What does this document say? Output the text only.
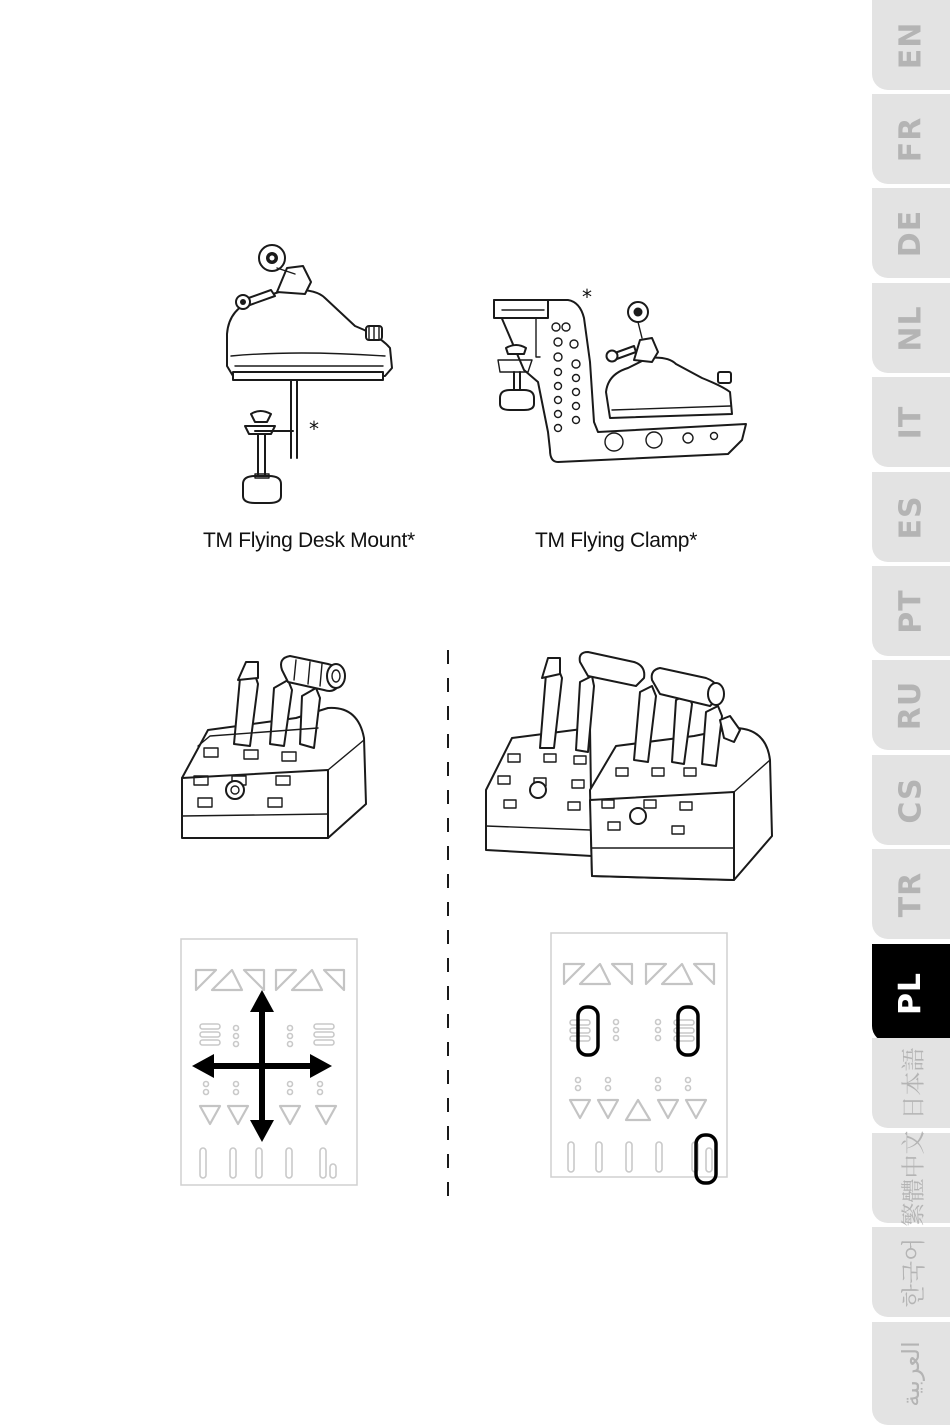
*
*
TM Flying Desk Mount*	TM Flying Clamp*
EN
FR
DE
NL
IT
ES
PT
RU
CS
TR
PL
日本語
繁體中文
한국어
العربية
